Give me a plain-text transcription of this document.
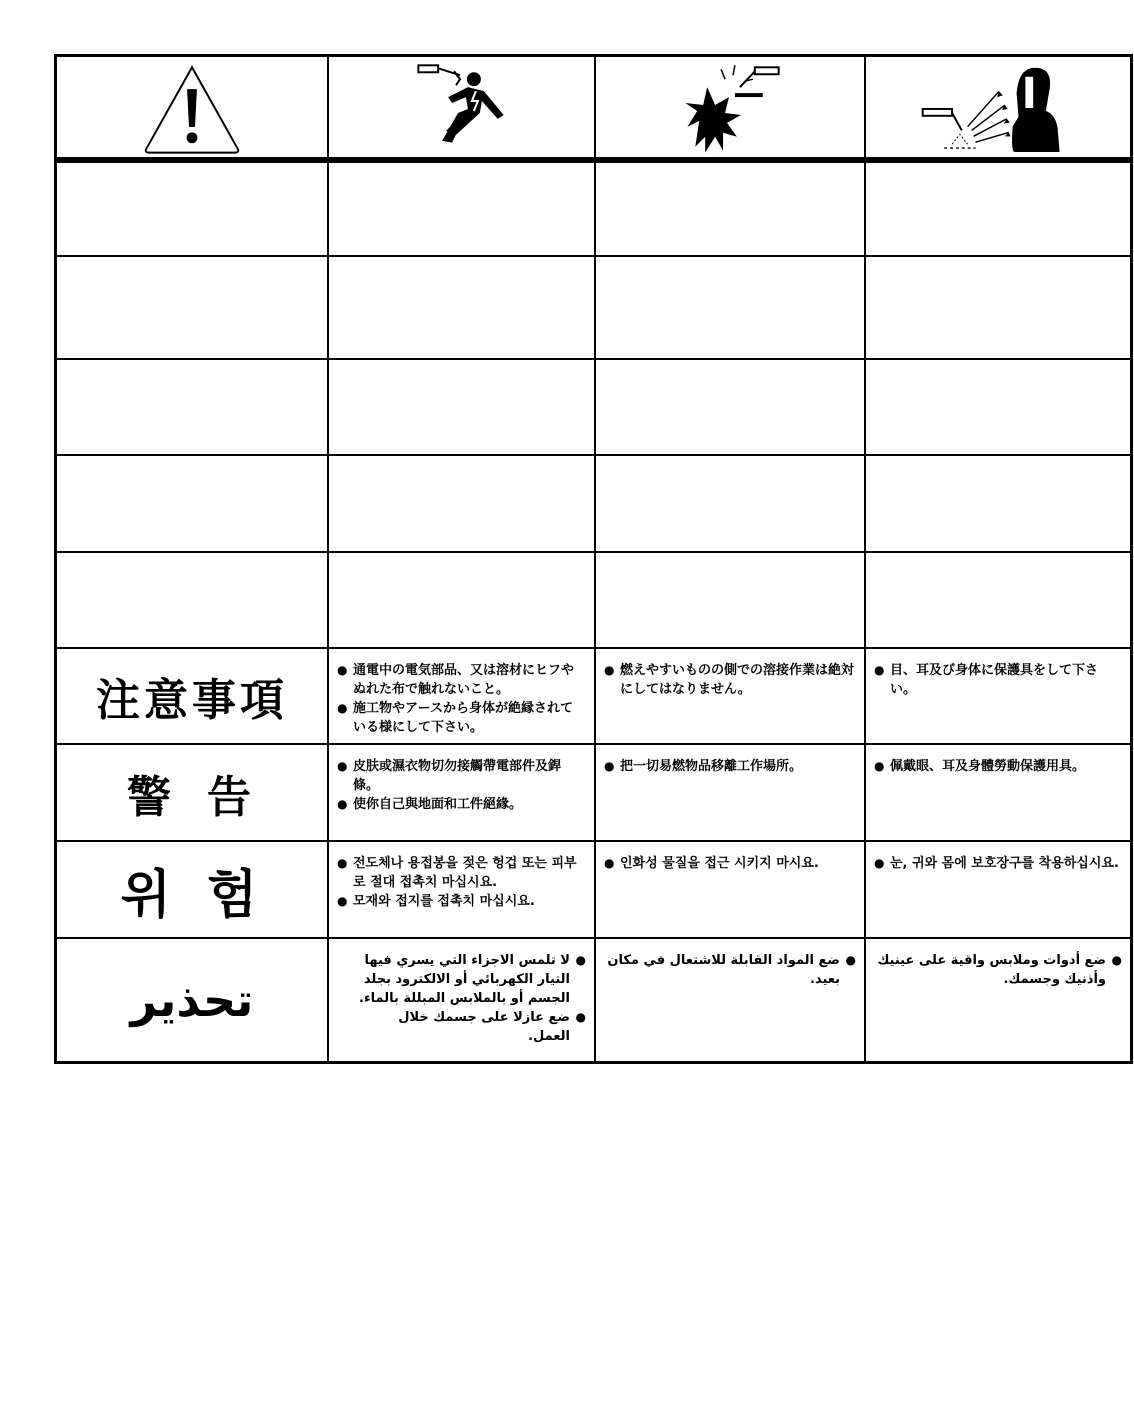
注意事項
● 通電中の電気部品、又は溶材にヒフやぬれた布で触れないこと。
● 施工物やアースから身体が絶縁されている様にして下さい。
● 燃えやすいものの側での溶接作業は絶対にしてはなりません。
● 目、耳及び身体に保護具をして下さい。
警告
● 皮肤或濕衣物切勿接觸帶電部件及銲條。
● 使你自己與地面和工件絕緣。
● 把一切易燃物品移離工作場所。	● 佩戴眼、耳及身體勞動保護用具。
위험
● 전도체나 용접봉을 젖은 헝겁 또는 피부로 절대 접촉치 마십시요.
● 모재와 접지를 접촉치 마십시요.
● 인화성 물질을 접근 시키지 마시요.	● 눈, 귀와 몸에 보호장구를 착용하십시요.
تحذير
● لا تلمس الاجزاء التي يسري فيها التيار الكهربائي أو الالكترود بجلد الجسم أو بالملابس المبللة بالماء.
● ضع عازلا على جسمك خلال العمل.
● ضع المواد القابلة للاشتعال في مكان بعيد.
● ضع أدوات وملابس واقية على عينيك وأذنيك وجسمك.
